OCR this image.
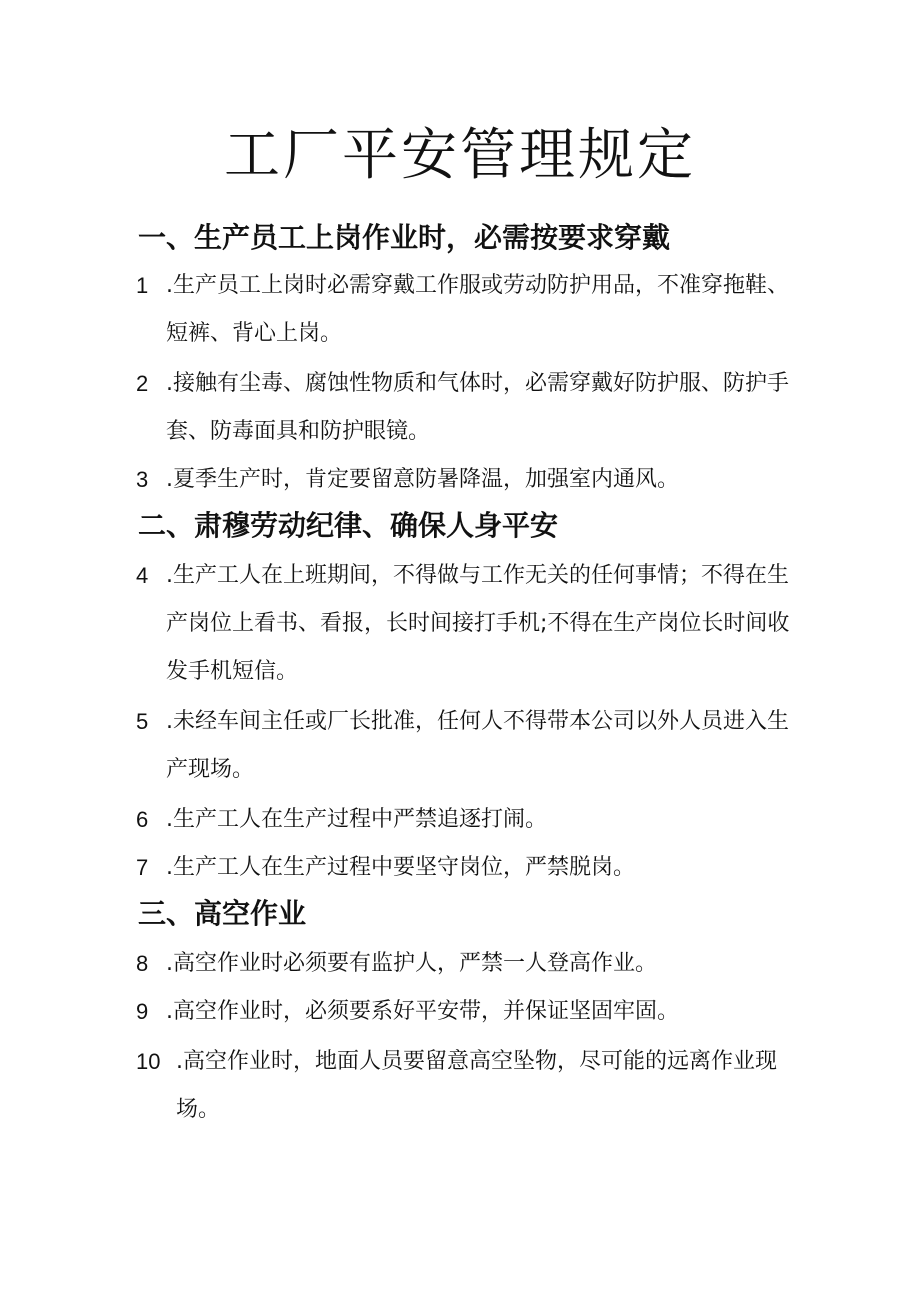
工厂平安管理规定
一、生产员工上岗作业时，必需按要求穿戴
1 .生产员工上岗时必需穿戴工作服或劳动防护用品，不准穿拖鞋、短裤、背心上岗。
2 .接触有尘毒、腐蚀性物质和气体时，必需穿戴好防护服、防护手套、防毒面具和防护眼镜。
3 .夏季生产时，肯定要留意防暑降温，加强室内通风。
二、肃穆劳动纪律、确保人身平安
4 .生产工人在上班期间，不得做与工作无关的任何事情；不得在生产岗位上看书、看报，长时间接打手机;不得在生产岗位长时间收发手机短信。
5 .未经车间主任或厂长批准，任何人不得带本公司以外人员进入生产现场。
6 .生产工人在生产过程中严禁追逐打闹。
7 .生产工人在生产过程中要坚守岗位，严禁脱岗。
三、高空作业
8 .高空作业时必须要有监护人，严禁一人登高作业。
9 .高空作业时，必须要系好平安带，并保证坚固牢固。
10 .高空作业时，地面人员要留意高空坠物，尽可能的远离作业现场。
